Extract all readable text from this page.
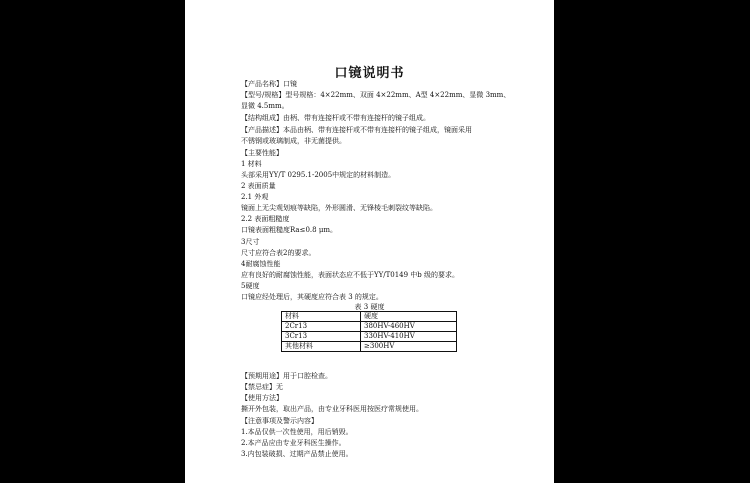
口镜说明书
【产品名称】口镜
【型号/规格】型号规格：4×22mm、双面 4×22mm、A型 4×22mm、显微 3mm、
显微 4.5mm。
【结构组成】由柄、带有连接杆或不带有连接杆的镜子组成。
【产品描述】本品由柄、带有连接杆或不带有连接杆的镜子组成，镜面采用
不锈钢或玻璃制成，非无菌提供。
【主要性能】
1 材料
头部采用YY/T 0295.1-2005中规定的材料制造。
2 表面质量
2.1 外观
镜面上无尖观划痕等缺陷，外形圆滑、无锋棱毛刺裂纹等缺陷。
2.2 表面粗糙度
口镜表面粗糙度Ra≤0.8 μm。
3尺寸
尺寸应符合表2的要求。
4耐腐蚀性能
应有良好的耐腐蚀性能，表面状态应不低于YY/T0149 中b 级的要求。
5硬度
口镜应经处理后，其硬度应符合表 3 的规定。
表 3 硬度
材料	硬度
2Cr13	380HV-460HV
3Cr13	330HV-410HV
其他材料	≥300HV
【预期用途】用于口腔检查。
【禁忌症】无
【使用方法】
撕开外包装，取出产品，由专业牙科医用按医疗常规使用。
【注意事项及警示内容】
1.本品仅供一次性使用，用后销毁。
2.本产品应由专业牙科医生操作。
3.内包装破损、过期产品禁止使用。
